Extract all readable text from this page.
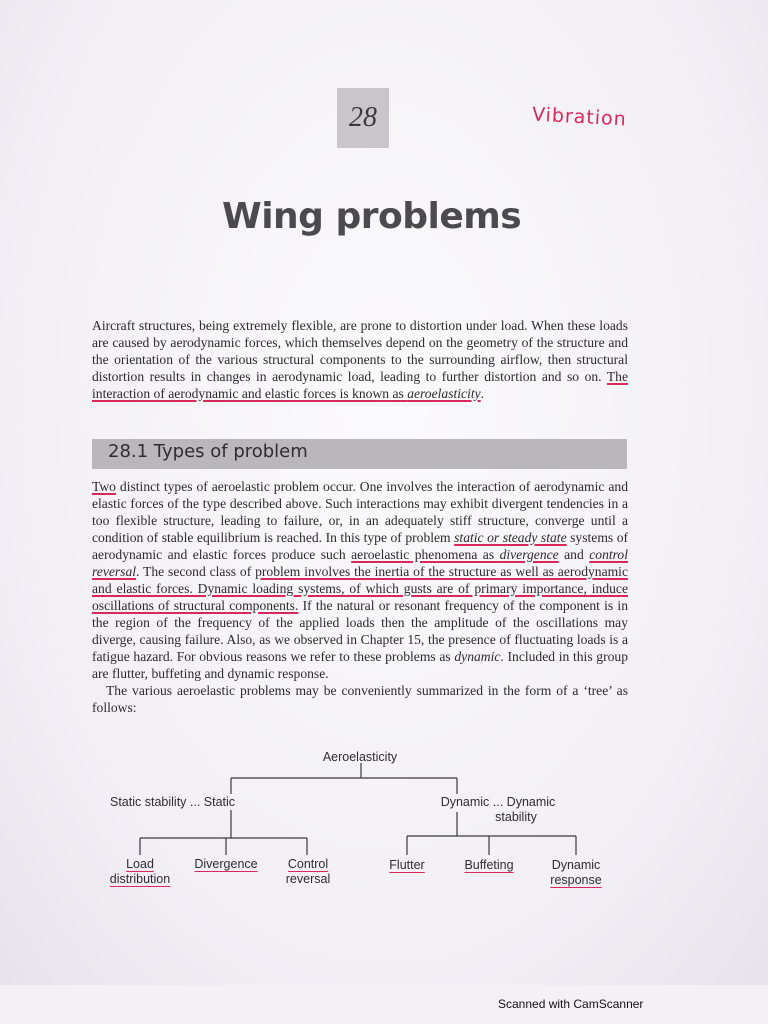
28	Vibration
Wing problems

Aircraft structures, being extremely flexible, are prone to distortion under load. When these loads are caused by aerodynamic forces, which themselves depend on the geometry of the structure and the orientation of the various structural components to the surrounding airflow, then structural distortion results in changes in aerodynamic load, leading to further distortion and so on. The interaction of aerodynamic and elastic forces is known as aeroelasticity.

28.1 Types of problem
Two distinct types of aeroelastic problem occur. One involves the interaction of aerodynamic and elastic forces of the type described above. Such interactions may exhibit divergent tendencies in a too flexible structure, leading to failure, or, in an adequately stiff structure, converge until a condition of stable equilibrium is reached. In this type of problem static or steady state systems of aerodynamic and elastic forces produce such aeroelastic phenomena as divergence and control reversal. The second class of problem involves the inertia of the structure as well as aerodynamic and elastic forces. Dynamic loading systems, of which gusts are of primary importance, induce oscillations of structural components. If the natural or resonant frequency of the component is in the region of the frequency of the applied loads then the amplitude of the oscillations may diverge, causing failure. Also, as we observed in Chapter 15, the presence of fluctuating loads is a fatigue hazard. For obvious reasons we refer to these problems as dynamic. Included in this group are flutter, buffeting and dynamic response.
The various aeroelastic problems may be conveniently summarized in the form of a ‘tree’ as follows:
Aeroelasticity
Static stability ... Static	Dynamic ... Dynamic
stability
Load
distribution
Divergence	Control
reversal
Flutter	Buffeting	Dynamic
response
Scanned with CamScanner
